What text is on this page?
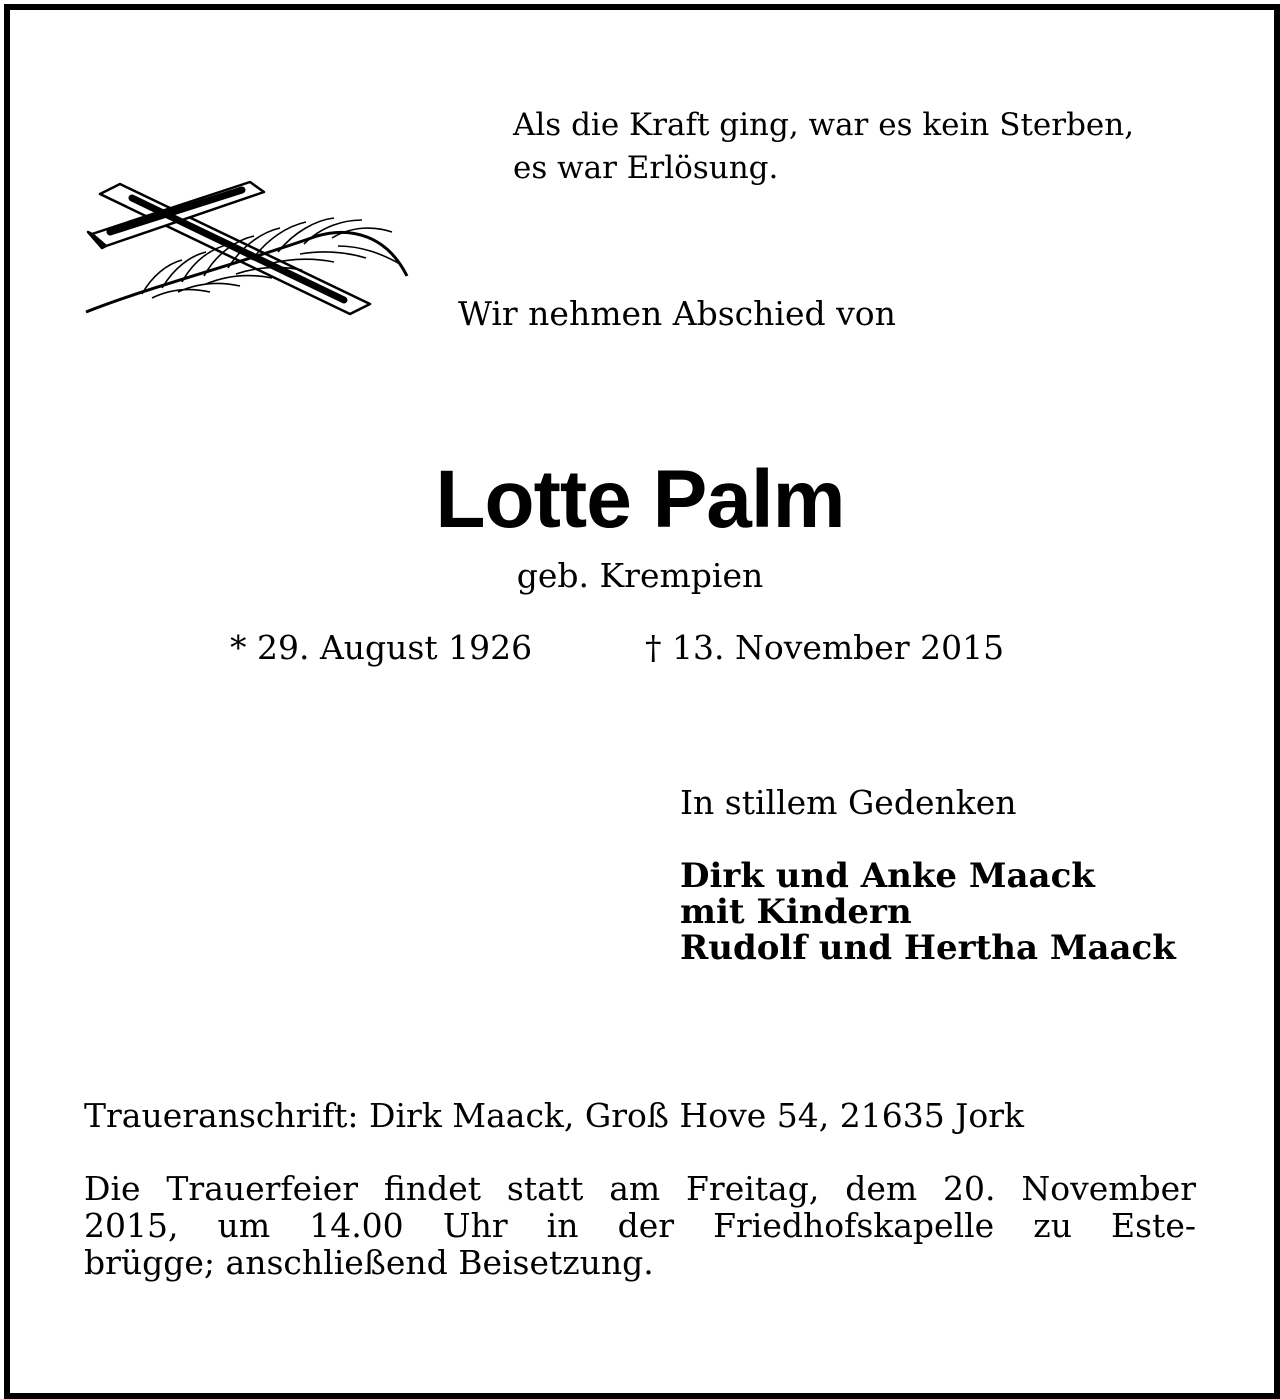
Als die Kraft ging, war es kein Sterben,
es war Erlösung.
Wir nehmen Abschied von
Lotte Palm
geb. Krempien
* 29. August 1926	† 13. November 2015
In stillem Gedenken
Dirk und Anke Maack
mit Kindern
Rudolf und Hertha Maack
Traueranschrift: Dirk Maack, Groß Hove 54, 21635 Jork
Die Trauerfeier findet statt am Freitag, dem 20. November
2015, um 14.00 Uhr in der Friedhofskapelle zu Este-
brügge; anschließend Beisetzung.
